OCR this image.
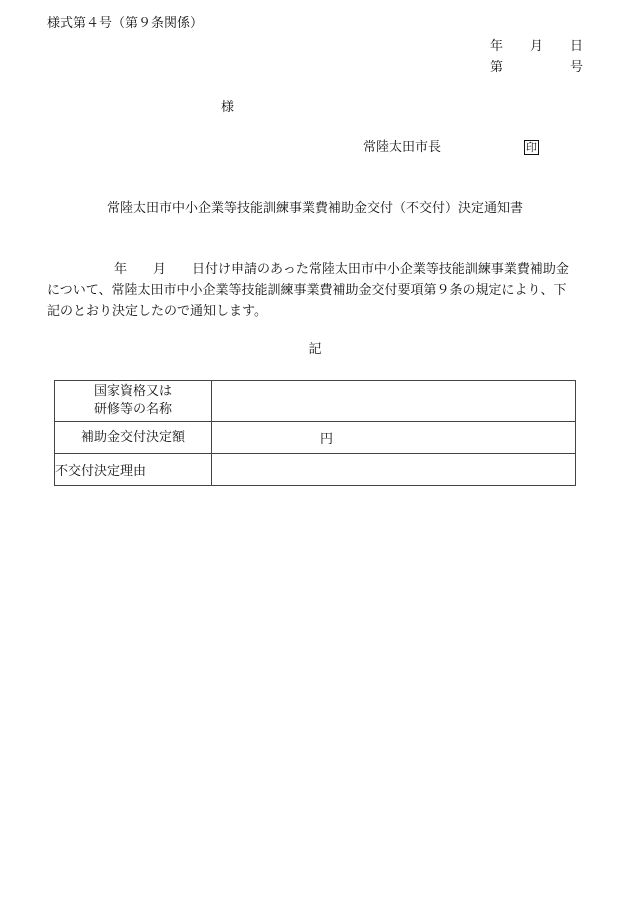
様式第４号（第９条関係）
年 月 日
第	号
様
常陸太田市長	印
常陸太田市中小企業等技能訓練事業費補助金交付（不交付）決定通知書
年 月 日付け申請のあった常陸太田市中小企業等技能訓練事業費補助金
について、常陸太田市中小企業等技能訓練事業費補助金交付要項第９条の規定により、下
記のとおり決定したので通知します。
記
国家資格又は
研修等の名称	

補助金交付決定額	円
不交付決定理由	
